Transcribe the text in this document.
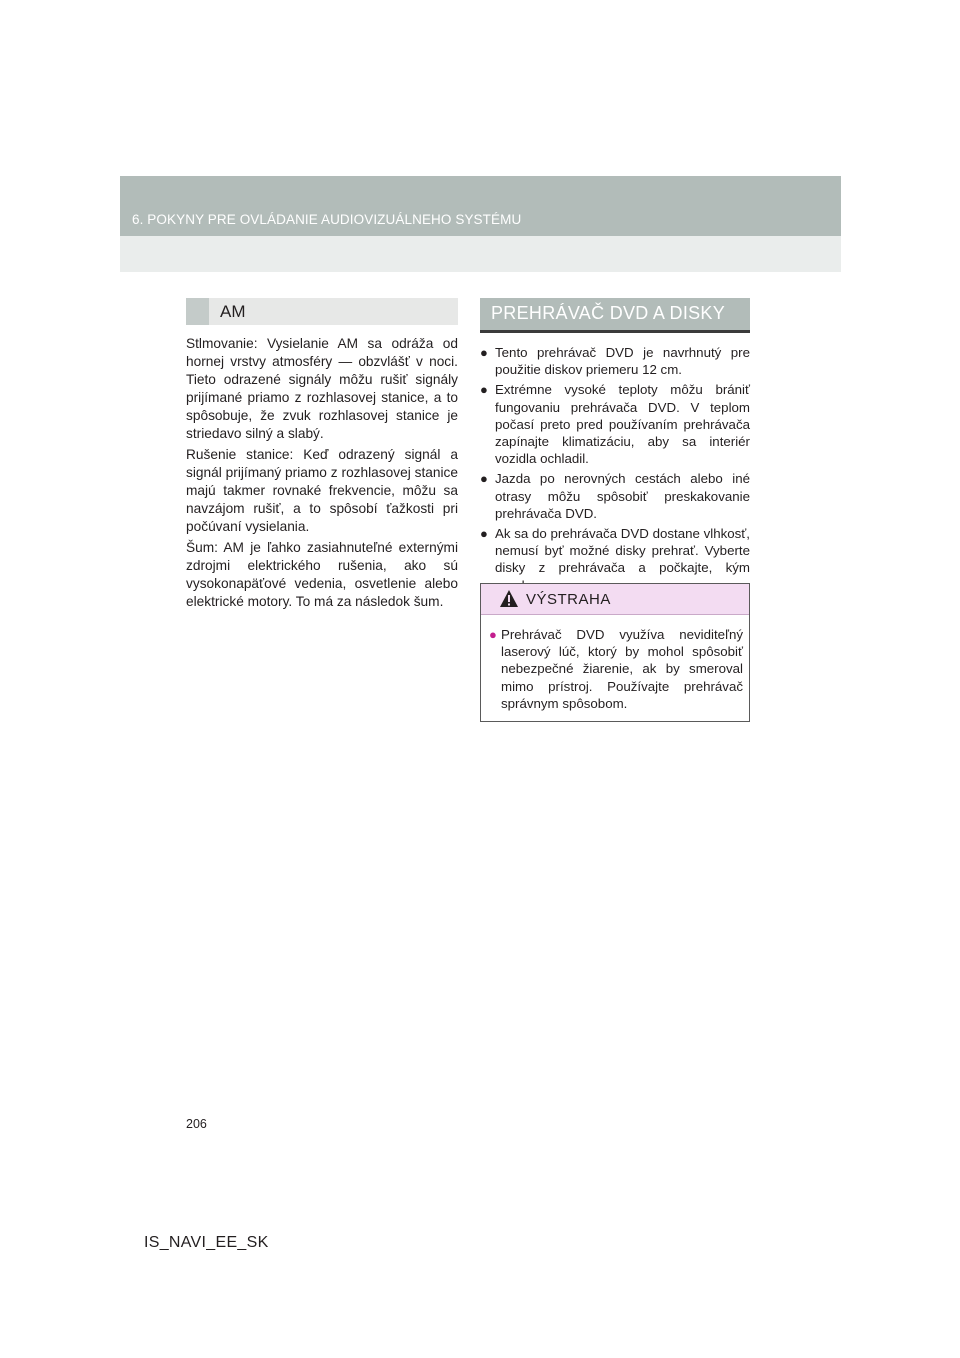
6. POKYNY PRE OVLÁDANIE AUDIOVIZUÁLNEHO SYSTÉMU
AM

Stlmovanie: Vysielanie AM sa odráža od hornej vrstvy atmosféry — obzvlášť v noci. Tieto odrazené signály môžu rušiť signály prijímané priamo z rozhlasovej stanice, a to spôsobuje, že zvuk rozhlasovej stanice je striedavo silný a slabý.

Rušenie stanice: Keď odrazený signál a signál prijímaný priamo z rozhlasovej stanice majú takmer rovnaké frekvencie, môžu sa navzájom rušiť, a to spôsobí ťažkosti pri počúvaní vysielania.

Šum: AM je ľahko zasiahnuteľné externými zdrojmi elektrického rušenia, ako sú vysokonapäťové vedenia, osvetlenie alebo elektrické motory. To má za následok šum.

PREHRÁVAČ DVD A DISKY
● Tento prehrávač DVD je navrhnutý pre použitie diskov priemeru 12 cm.
● Extrémne vysoké teploty môžu brániť fungovaniu prehrávača DVD. V teplom počasí preto pred používaním prehrávača zapínajte klimatizáciu, aby sa interiér vozidla ochladil.
● Jazda po nerovných cestách alebo iné otrasy môžu spôsobiť preskakovanie prehrávača DVD.
● Ak sa do prehrávača DVD dostane vlhkosť, nemusí byť možné disky prehrať. Vyberte disky z prehrávača a počkajte, kým
VÝSTRAHA
● Prehrávač DVD využíva neviditeľný laserový lúč, ktorý by mohol spôsobiť nebezpečné žiarenie, ak by smeroval mimo prístroj. Používajte prehrávač správnym spôsobom.
206
IS_NAVI_EE_SK
